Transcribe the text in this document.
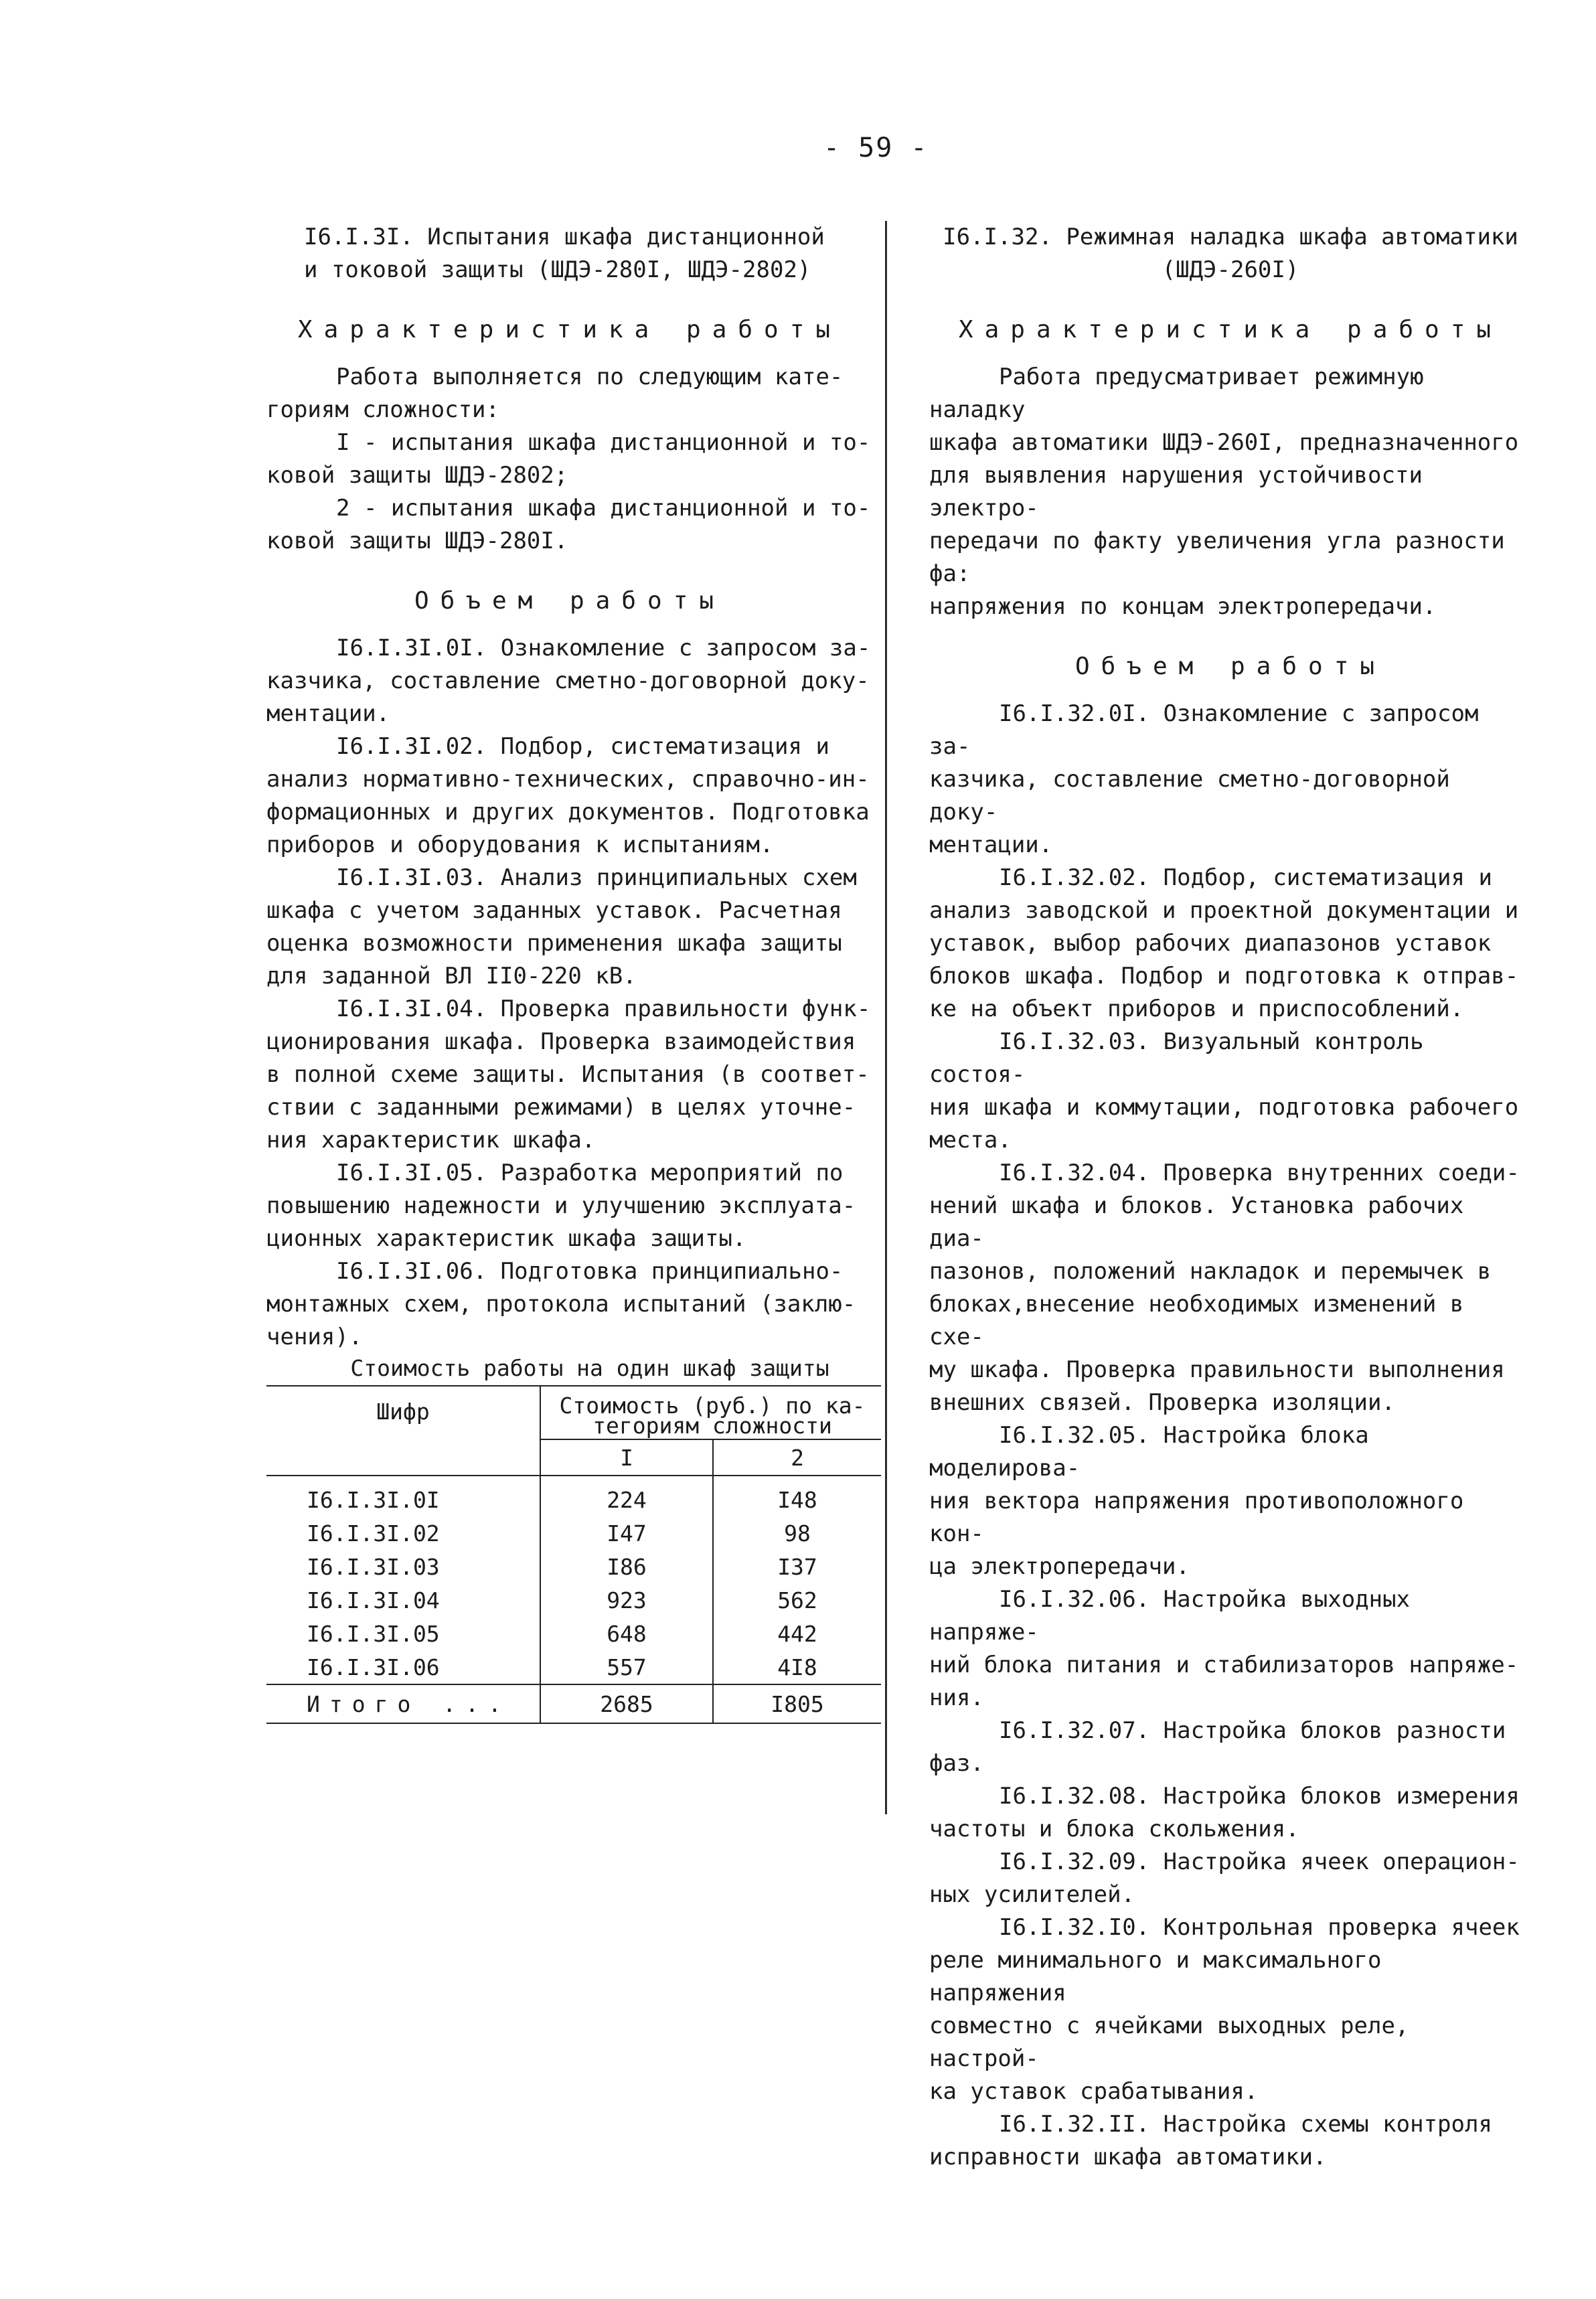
- 59 -

I6.I.3I. Испытания шкафа дистанционной

и токовой защиты (ШДЭ-280I, ШДЭ-2802)

Характеристика работы

Работа выполняется по следующим кате-

гориям сложности:

I - испытания шкафа дистанционной и то-

ковой защиты ШДЭ-2802;

2 - испытания шкафа дистанционной и то-

ковой защиты ШДЭ-280I.

Объем работы

I6.I.3I.0I. Ознакомление с запросом за-

казчика, составление сметно-договорной доку-

ментации.

I6.I.3I.02. Подбор, систематизация и

анализ нормативно-технических, справочно-ин-

формационных и других документов. Подготовка

приборов и оборудования к испытаниям.

I6.I.3I.03. Анализ принципиальных схем

шкафа с учетом заданных уставок. Расчетная

оценка возможности применения шкафа защиты

для заданной ВЛ II0-220 кВ.

I6.I.3I.04. Проверка правильности функ-

ционирования шкафа. Проверка взаимодействия

в полной схеме защиты. Испытания (в соответ-

ствии с заданными режимами) в целях уточне-

ния характеристик шкафа.

I6.I.3I.05. Разработка мероприятий по

повышению надежности и улучшению эксплуата-

ционных характеристик шкафа защиты.

I6.I.3I.06. Подготовка принципиально-

монтажных схем, протокола испытаний (заклю-

чения).

Стоимость работы на один шкаф защиты

Шифр	Стоимость (руб.) по ка-
тегориям сложности	

	I	2
I6.I.3I.0I	224	I48
I6.I.3I.02	I47	98
I6.I.3I.03	I86	I37
I6.I.3I.04	923	562
I6.I.3I.05	648	442
I6.I.3I.06	557	4I8
Итого ...	2685	I805

I6.I.32. Режимная наладка шкафа автоматики

(ШДЭ-260I)

Характеристика работы

Работа предусматривает режимную наладку

шкафа автоматики ШДЭ-260I, предназначенного

для выявления нарушения устойчивости электро-

передачи по факту увеличения угла разности фа:

напряжения по концам электропередачи.

Объем работы

I6.I.32.0I. Ознакомление с запросом за-

казчика, составление сметно-договорной доку-

ментации.

I6.I.32.02. Подбор, систематизация и

анализ заводской и проектной документации и

уставок, выбор рабочих диапазонов уставок

блоков шкафа. Подбор и подготовка к отправ-

ке на объект приборов и приспособлений.

I6.I.32.03. Визуальный контроль состоя-

ния шкафа и коммутации, подготовка рабочего

места.

I6.I.32.04. Проверка внутренних соеди-

нений шкафа и блоков. Установка рабочих диа-

пазонов, положений накладок и перемычек в

блоках,внесение необходимых изменений в схе-

му шкафа. Проверка правильности выполнения

внешних связей. Проверка изоляции.

I6.I.32.05. Настройка блока моделирова-

ния вектора напряжения противоположного кон-

ца электропередачи.

I6.I.32.06. Настройка выходных напряже-

ний блока питания и стабилизаторов напряже-

ния.

I6.I.32.07. Настройка блоков разности

фаз.

I6.I.32.08. Настройка блоков измерения

частоты и блока скольжения.

I6.I.32.09. Настройка ячеек операцион-

ных усилителей.

I6.I.32.I0. Контрольная проверка ячеек

реле минимального и максимального напряжения

совместно с ячейками выходных реле, настрой-

ка уставок срабатывания.

I6.I.32.II. Настройка схемы контроля

исправности шкафа автоматики.
